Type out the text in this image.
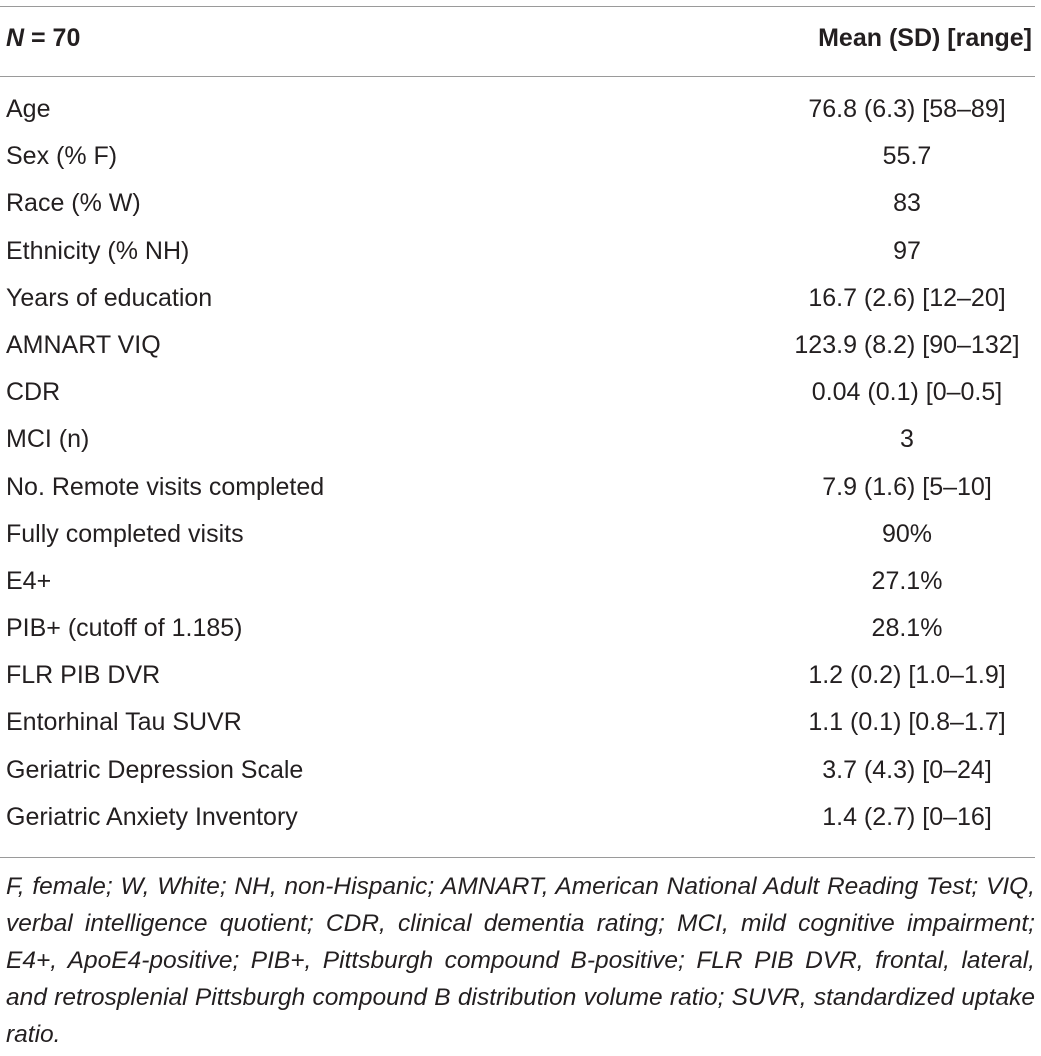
N = 70	Mean (SD) [range]
Age	76.8 (6.3) [58–89]
Sex (% F)	55.7
Race (% W)	83
Ethnicity (% NH)	97
Years of education	16.7 (2.6) [12–20]
AMNART VIQ	123.9 (8.2) [90–132]
CDR	0.04 (0.1) [0–0.5]
MCI (n)	3
No. Remote visits completed	7.9 (1.6) [5–10]
Fully completed visits	90%
E4+	27.1%
PIB+ (cutoff of 1.185)	28.1%
FLR PIB DVR	1.2 (0.2) [1.0–1.9]
Entorhinal Tau SUVR	1.1 (0.1) [0.8–1.7]
Geriatric Depression Scale	3.7 (4.3) [0–24]
Geriatric Anxiety Inventory	1.4 (2.7) [0–16]
F, female; W, White; NH, non-Hispanic; AMNART, American National Adult Reading Test; VIQ, verbal intelligence quotient; CDR, clinical dementia rating; MCI, mild cognitive impairment; E4+, ApoE4-positive; PIB+, Pittsburgh compound B-positive; FLR PIB DVR, frontal, lateral, and retrosplenial Pittsburgh compound B distribution volume ratio; SUVR, standardized uptake ratio.
